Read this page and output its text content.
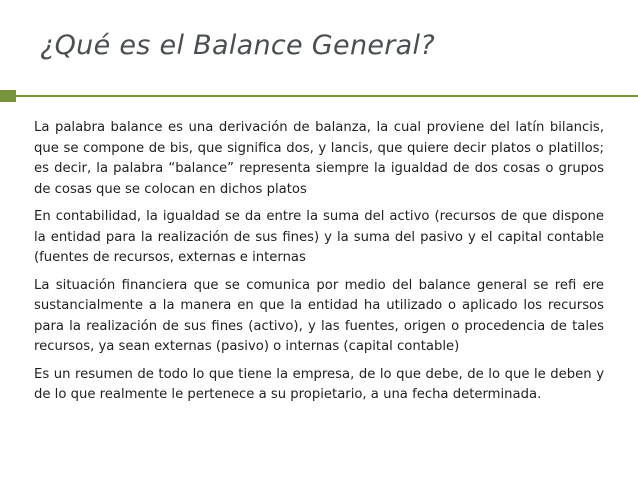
¿Qué es el Balance General?

La palabra balance es una derivación de balanza, la cual proviene del latín bilancis, que se compone de bis, que significa dos, y lancis, que quiere decir platos o platillos; es decir, la palabra “balance” representa siempre la igualdad de dos cosas o grupos de cosas que se colocan en dichos platos

En contabilidad, la igualdad se da entre la suma del activo (recursos de que dispone la entidad para la realización de sus fines) y la suma del pasivo y el capital contable (fuentes de recursos, externas e internas

La situación financiera que se comunica por medio del balance general se refi ere sustancialmente a la manera en que la entidad ha utilizado o aplicado los recursos para la realización de sus fines (activo), y las fuentes, origen o procedencia de tales recursos, ya sean externas (pasivo) o internas (capital contable)

Es un resumen de todo lo que tiene la empresa, de lo que debe, de lo que le deben y de lo que realmente le pertenece a su propietario, a una fecha determinada.
